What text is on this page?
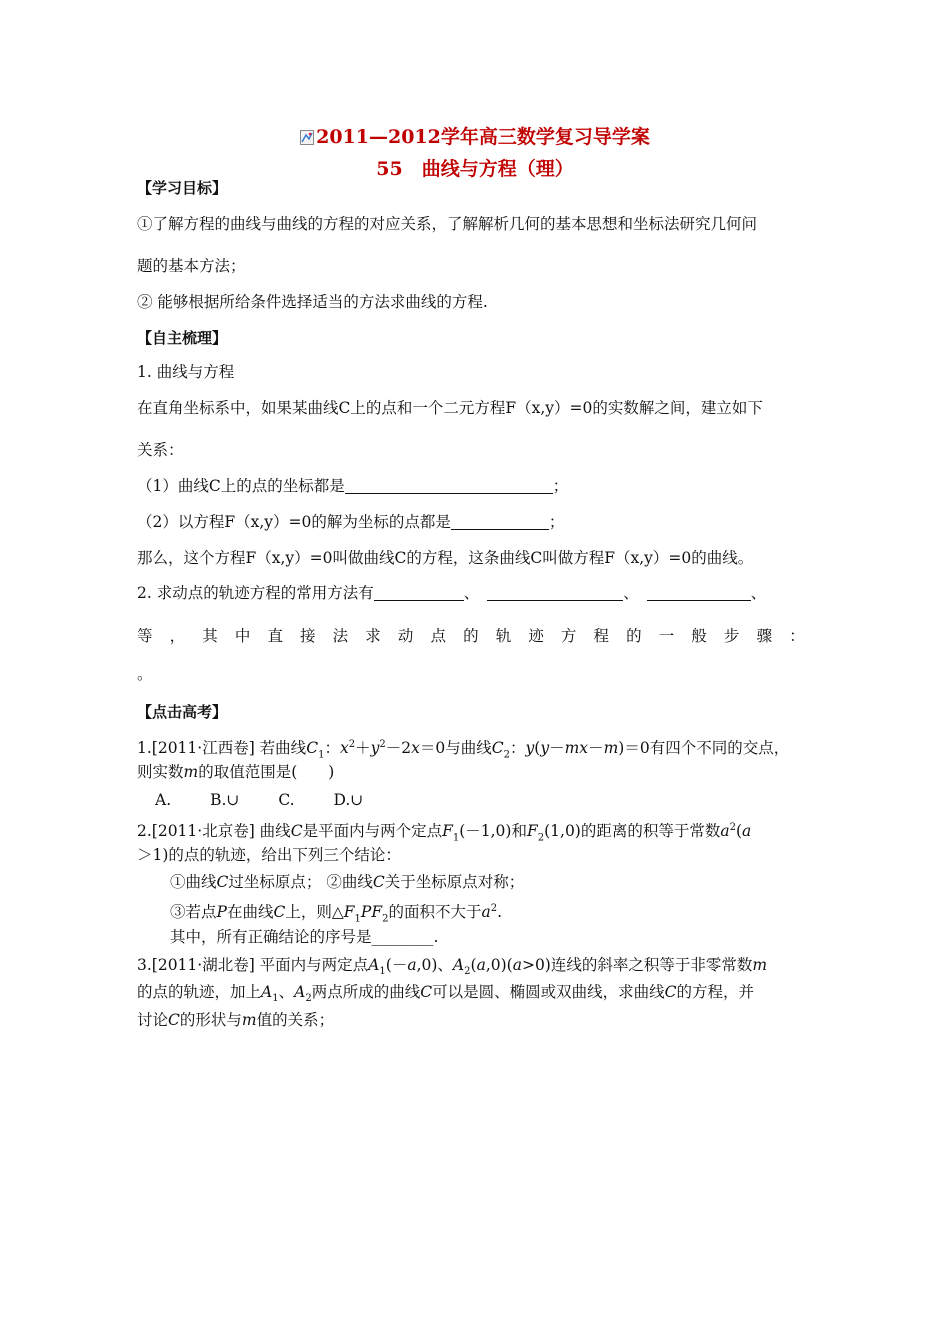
2011—2012学年高三数学复习导学案
55　曲线与方程（理）
【学习目标】
①了解方程的曲线与曲线的方程的对应关系，了解解析几何的基本思想和坐标法研究几何问
题的基本方法；
② 能够根据所给条件选择适当的方法求曲线的方程.
【自主梳理】
1. 曲线与方程
在直角坐标系中，如果某曲线C上的点和一个二元方程F（x,y）=0的实数解之间，建立如下
关系：
（1）曲线C上的点的坐标都是	；
（2）以方程F（x,y）=0的解为坐标的点都是	；
那么，这个方程F（x,y）=0叫做曲线C的方程，这条曲线C叫做方程F（x,y）=0的曲线。
2. 求动点的轨迹方程的常用方法有	、	、	、
等 ， 其 中 直 接 法 求 动 点 的 轨 迹 方 程 的 一 般 步 骤 ：
。
【点击高考】
1.[2011·江西卷] 若曲线$C_1$：$x^2+y^2-2x=0$与曲线$C_2$：y(y－mx－m)＝0有四个不同的交点，
则实数m的取值范围是(　　)
A.	B.∪	C.	D.∪
2.[2011·北京卷] 曲线C是平面内与两个定点$F_1(-1,0)$和$F_2(1,0)$的距离的积等于常数$a^2(a$
＞1)的点的轨迹，给出下列三个结论：
①曲线C过坐标原点； ②曲线C关于坐标原点对称；
③若点P在曲线C上，则$\triangle F_1PF_2$的面积不大于$a^2$.
其中，所有正确结论的序号是________.
3.[2011·湖北卷] 平面内与两定点$A_1(-a,0)$、$A_2(a,0)(a>0)$连线的斜率之积等于非零常数m
的点的轨迹，加上$A_1$、$A_2$两点所成的曲线C可以是圆、椭圆或双曲线，求曲线C的方程，并
讨论C的形状与m值的关系；
